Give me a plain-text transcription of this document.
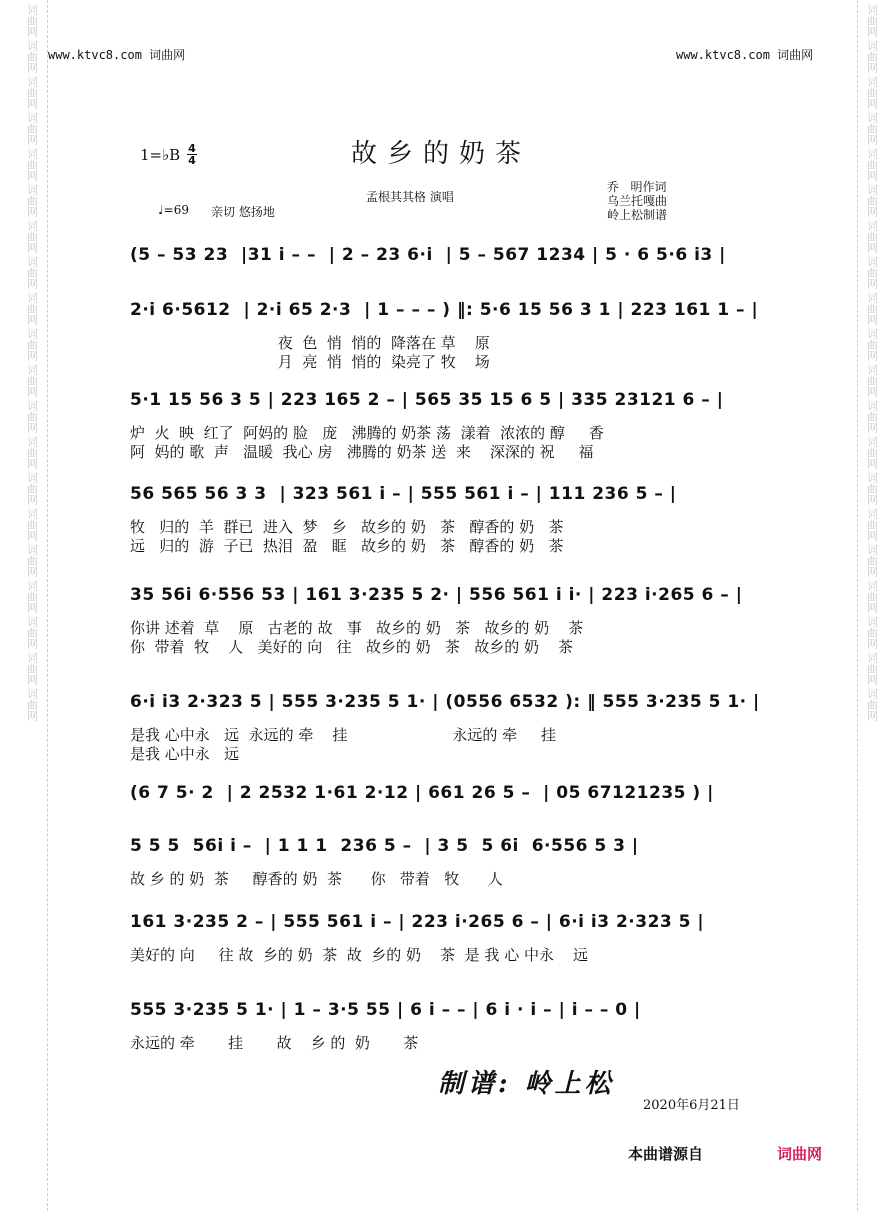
词曲网
词曲网
词曲网
词曲网
词曲网
词曲网
词曲网
词曲网
词曲网
词曲网
词曲网
词曲网
词曲网
词曲网
词曲网
词曲网
词曲网
词曲网
词曲网
词曲网
词曲网
词曲网
词曲网
词曲网
词曲网
词曲网
词曲网
词曲网
词曲网
词曲网
词曲网
词曲网
词曲网
词曲网
词曲网
词曲网
词曲网
词曲网
词曲网
词曲网
www.ktvc8.com 词曲网	www.ktvc8.com 词曲网
1=♭B 4
4	故乡的奶茶
孟根其其格 演唱
♩=69 亲切 悠扬地
乔   明作词
乌兰托嘎曲
岭上松制谱
(5 – 53 23  |31 i – –  | 2 – 23 6·i  | 5 – 567 1234 | 5 · 6 5·6 i3 |
2·i 6·5612  | 2·i 65 2·3  | 1 – – – ) ‖: 5·6 15 56 3 1 | 223 161 1 – |
夜  色  悄  悄的  降落在 草    原
月  亮  悄  悄的  染亮了 牧    场
5·1 15 56 3 5 | 223 165 2 – | 565 35 15 6 5 | 335 23121 6 – |
炉  火  映  红了  阿妈的 脸   庞   沸腾的 奶茶 荡  漾着  浓浓的 醇     香
阿  妈的 歌  声   温暖  我心 房   沸腾的 奶茶 送  来    深深的 祝     福
56 565 56 3 3  | 323 561 i – | 555 561 i – | 111 236 5 – |
牧   归的  羊  群已  进入  梦   乡   故乡的 奶   茶   醇香的 奶   茶
远   归的  游  子已  热泪  盈   眶   故乡的 奶   茶   醇香的 奶   茶
35 56i 6·556 53 | 161 3·235 5 2· | 556 561 i i· | 223 i·265 6 – |
你讲 述着  草    原   古老的 故   事   故乡的 奶   茶   故乡的 奶    茶
你  带着  牧    人   美好的 向   往   故乡的 奶   茶   故乡的 奶    茶
6·i i3 2·323 5 | 555 3·235 5 1· | (0556 6532 ): ‖ 555 3·235 5 1· |
是我 心中永   远  永远的 牵    挂                      永远的 牵     挂
是我 心中永   远
(6 7 5· 2  | 2 2532 1·61 2·12 | 661 26 5 –  | 05 67121235 ) |
5 5 5  56i i –  | 1 1 1  236 5 –  | 3 5  5 6i  6·556 5 3 |
故 乡 的 奶  茶     醇香的 奶  茶      你   带着   牧      人
161 3·235 2 – | 555 561 i – | 223 i·265 6 – | 6·i i3 2·323 5 |
美好的 向     往 故  乡的 奶  茶  故  乡的 奶    茶  是 我 心 中永    远
555 3·235 5 1· | 1 – 3·5 55 | 6 i – – | 6 i · i – | i – – 0 |
永远的 牵       挂       故    乡 的  奶       茶
制谱: 岭上松
2020年6月21日
本曲谱源自	词曲网
